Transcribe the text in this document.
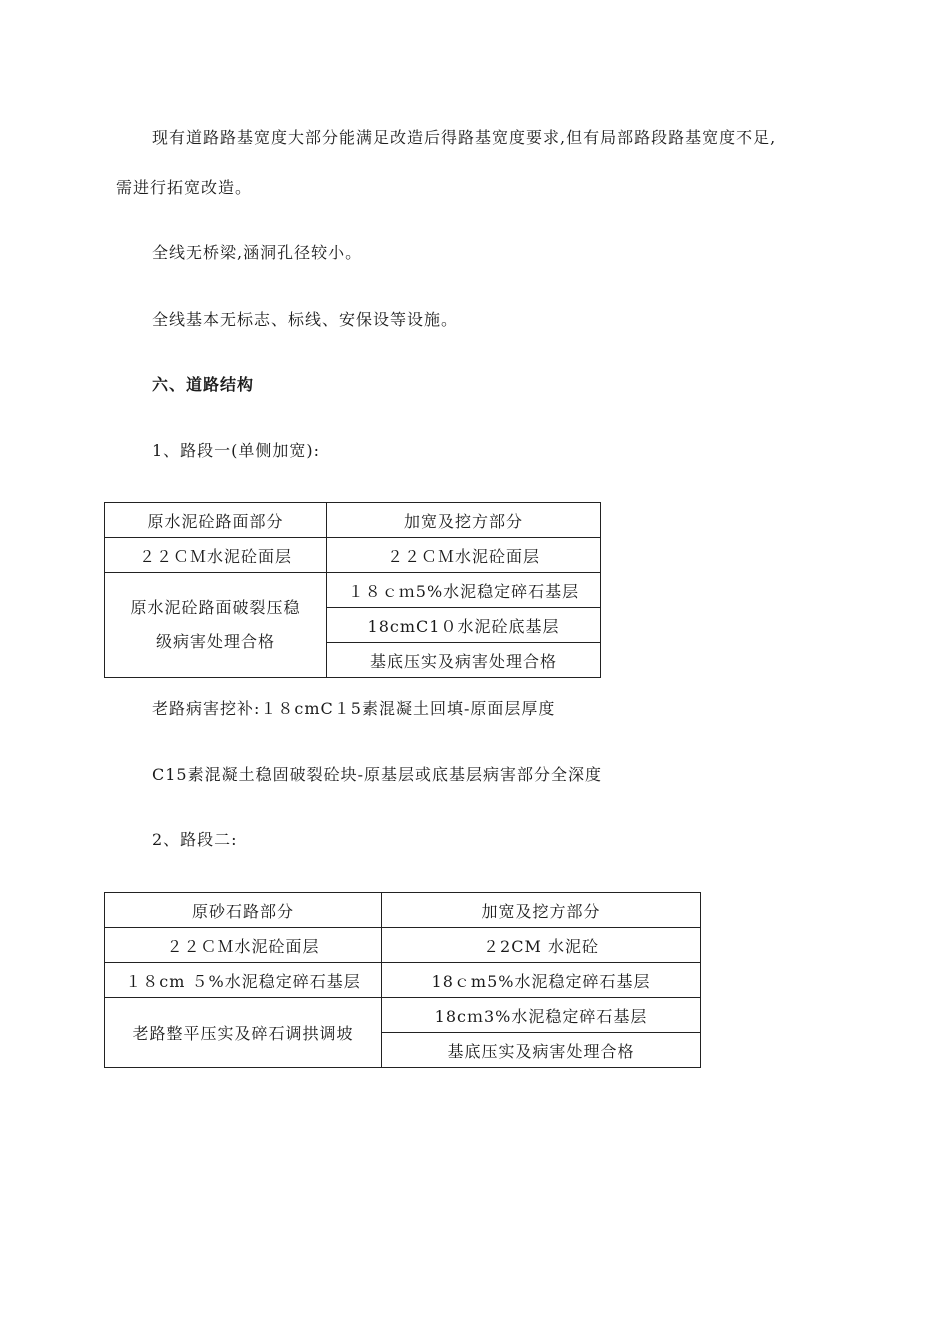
现有道路路基宽度大部分能满足改造后得路基宽度要求,但有局部路段路基宽度不足,
需进行拓宽改造。
全线无桥梁,涵洞孔径较小。
全线基本无标志、标线、安保设等设施。
六、道路结构
1、路段一(单侧加宽):
原水泥砼路面部分	加宽及挖方部分
２２ＣＭ水泥砼面层	２２ＣＭ水泥砼面层

原水泥砼路面破裂压稳
级病害处理合格	１８ｃｍ5%水泥稳定碎石基层
	18cmC1０水泥砼底基层
	基底压实及病害处理合格
老路病害挖补:１８cmC１5素混凝土回填-原面层厚度
C15素混凝土稳固破裂砼块-原基层或底基层病害部分全深度
2、路段二:
原砂石路部分	加宽及挖方部分
２２ＣＭ水泥砼面层	２2CM 水泥砼
１８cm ５%水泥稳定碎石基层	18ｃm5%水泥稳定碎石基层
老路整平压实及碎石调拱调坡	18cｍ3%水泥稳定碎石基层
	基底压实及病害处理合格
